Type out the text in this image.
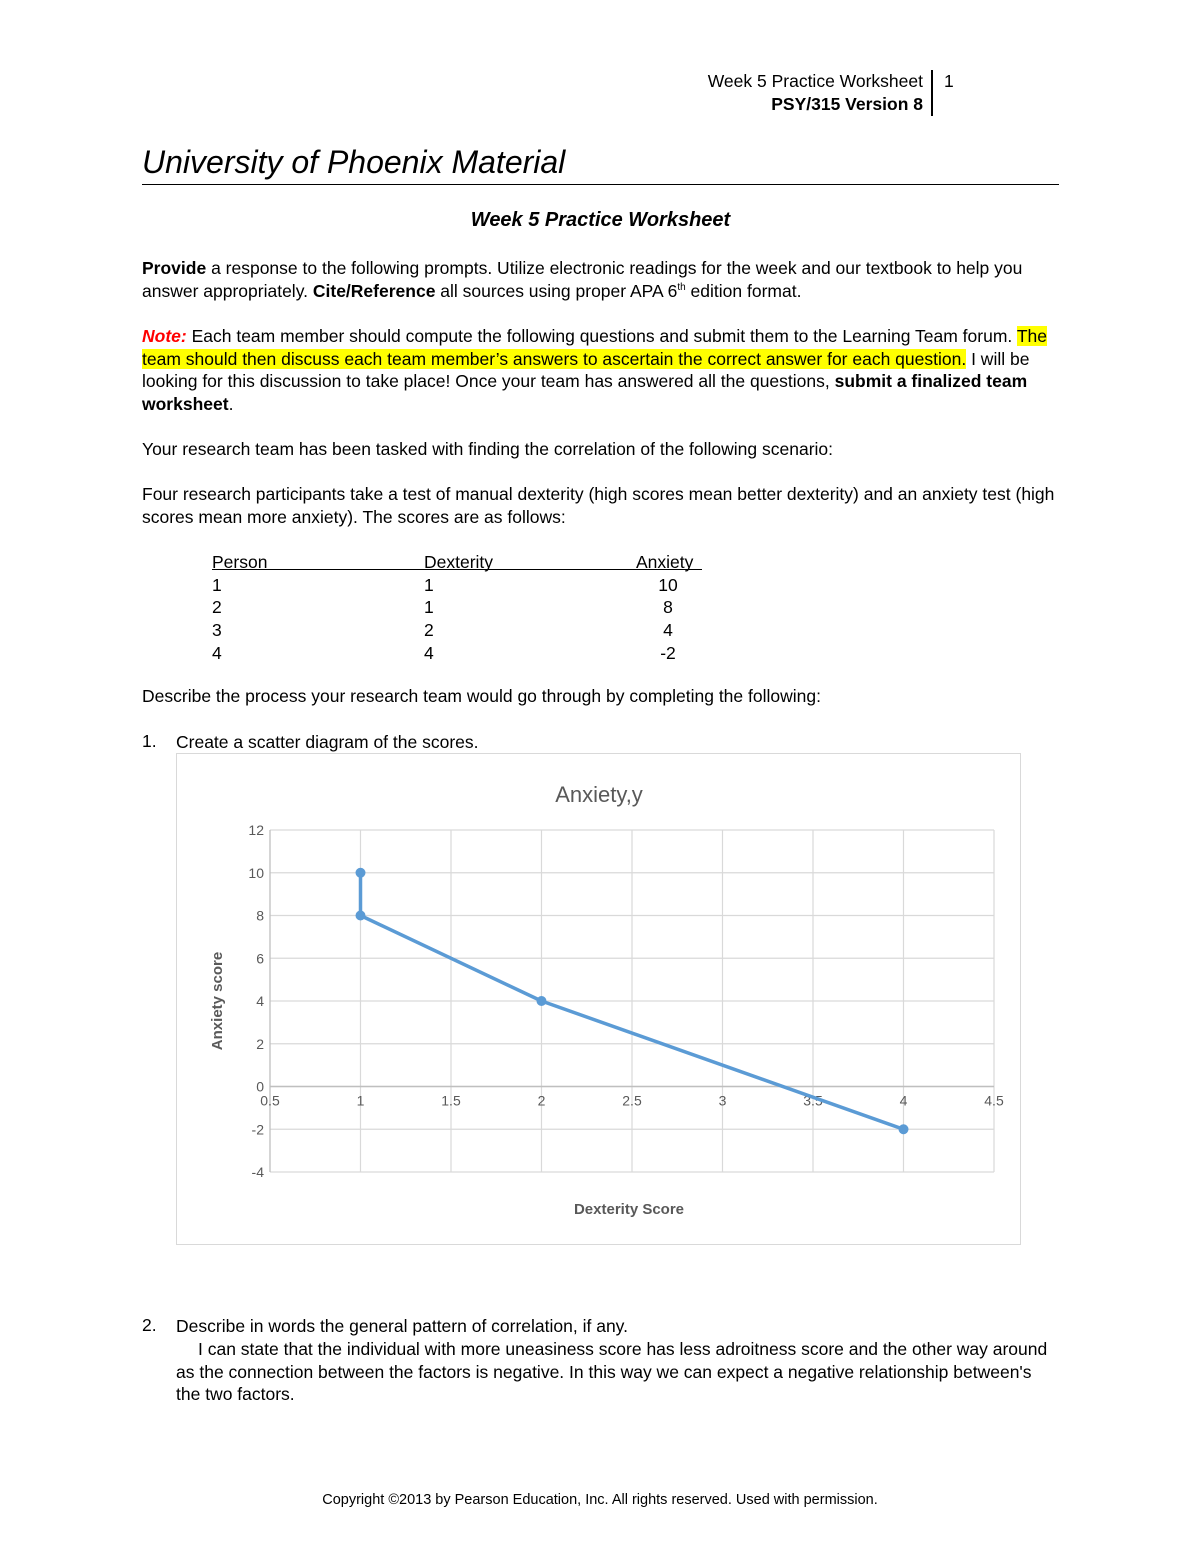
Week 5 Practice Worksheet
PSY/315 Version 8
1
University of Phoenix Material
Week 5 Practice Worksheet
Provide a response to the following prompts. Utilize electronic readings for the week and our textbook to help you answer appropriately. Cite/Reference all sources using proper APA 6th edition format.
Note: Each team member should compute the following questions and submit them to the Learning Team forum. The team should then discuss each team member’s answers to ascertain the correct answer for each question. I will be looking for this discussion to take place! Once your team has answered all the questions, submit a finalized team worksheet.
Your research team has been tasked with finding the correlation of the following scenario:
Four research participants take a test of manual dexterity (high scores mean better dexterity) and an anxiety test (high scores mean more anxiety). The scores are as follows:
Person	Dexterity	Anxiety
1	1	10
2	1	8
3	2	4
4	4	-2
Describe the process your research team would go through by completing the following:
1. Create a scatter diagram of the scores.
0.5	1	1.5	2	2.5	3	3.5	4	4.5
-4
-2
0
2
4
6
8
10
12
Anxiety,y
Dexterity Score
Anxiety score
2. Describe in words the general pattern of correlation, if any.
I can state that the individual with more uneasiness score has less adroitness score and the other way around as the connection between the factors is negative. In this way we can expect a negative relationship between's the two factors.
Copyright ©2013 by Pearson Education, Inc. All rights reserved. Used with permission.
